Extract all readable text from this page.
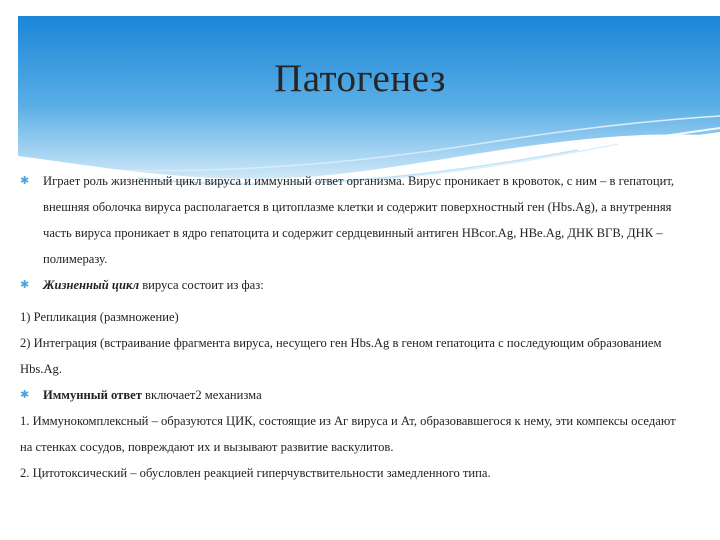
Патогенез
✱ Играет роль жизненный цикл вируса и иммунный ответ организма. Вирус проникает в кровоток, с ним – в гепатоцит, внешняя оболочка вируса располагается в цитоплазме клетки и содержит поверхностный ген (Hbs.Ag), а внутренняя часть вируса проникает в ядро гепатоцита и содержит сердцевинный антиген HBcor.Ag, HBe.Ag, ДНК ВГВ, ДНК – полимеразу.
✱ Жизненный цикл вируса состоит из фаз:
1) Репликация (размножение)
2) Интеграция (встраивание фрагмента вируса, несущего ген Hbs.Ag в геном гепатоцита с последующим образованием Hbs.Ag.
✱ Иммунный ответ включает2 механизма
1. Иммунокомплексный – образуются ЦИК, состоящие из Аг вируса и Ат, образовавшегося к нему, эти компексы оседают на стенках сосудов, повреждают их и вызывают развитие васкулитов.
2. Цитотоксический – обусловлен реакцией гиперчувствительности замедленного типа.
